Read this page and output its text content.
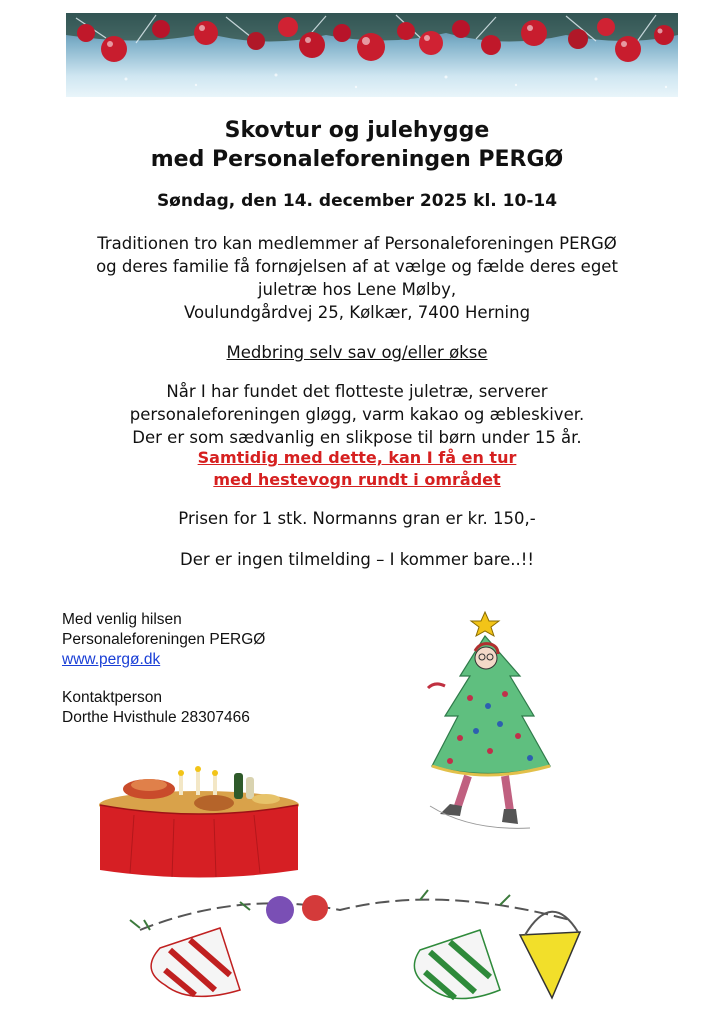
Skovtur og julehygge
med Personaleforeningen PERGØ
Søndag, den 14. december 2025 kl. 10-14
Traditionen tro kan medlemmer af Personaleforeningen PERGØ
og deres familie få fornøjelsen af at vælge og fælde deres eget
juletræ hos Lene Mølby,
Voulundgårdvej 25, Kølkær, 7400 Herning
Medbring selv sav og/eller økse
Når I har fundet det flotteste juletræ, serverer
personaleforeningen gløgg, varm kakao og æbleskiver.
Der er som sædvanlig en slikpose til børn under 15 år.
Samtidig med dette, kan I få en tur
med hestevogn rundt i området
Prisen for 1 stk. Normanns gran er kr. 150,-
Der er ingen tilmelding – I kommer bare..!!
Med venlig hilsen
Personaleforeningen PERGØ
www.pergø.dk
Kontaktperson
Dorthe Hvisthule 28307466
